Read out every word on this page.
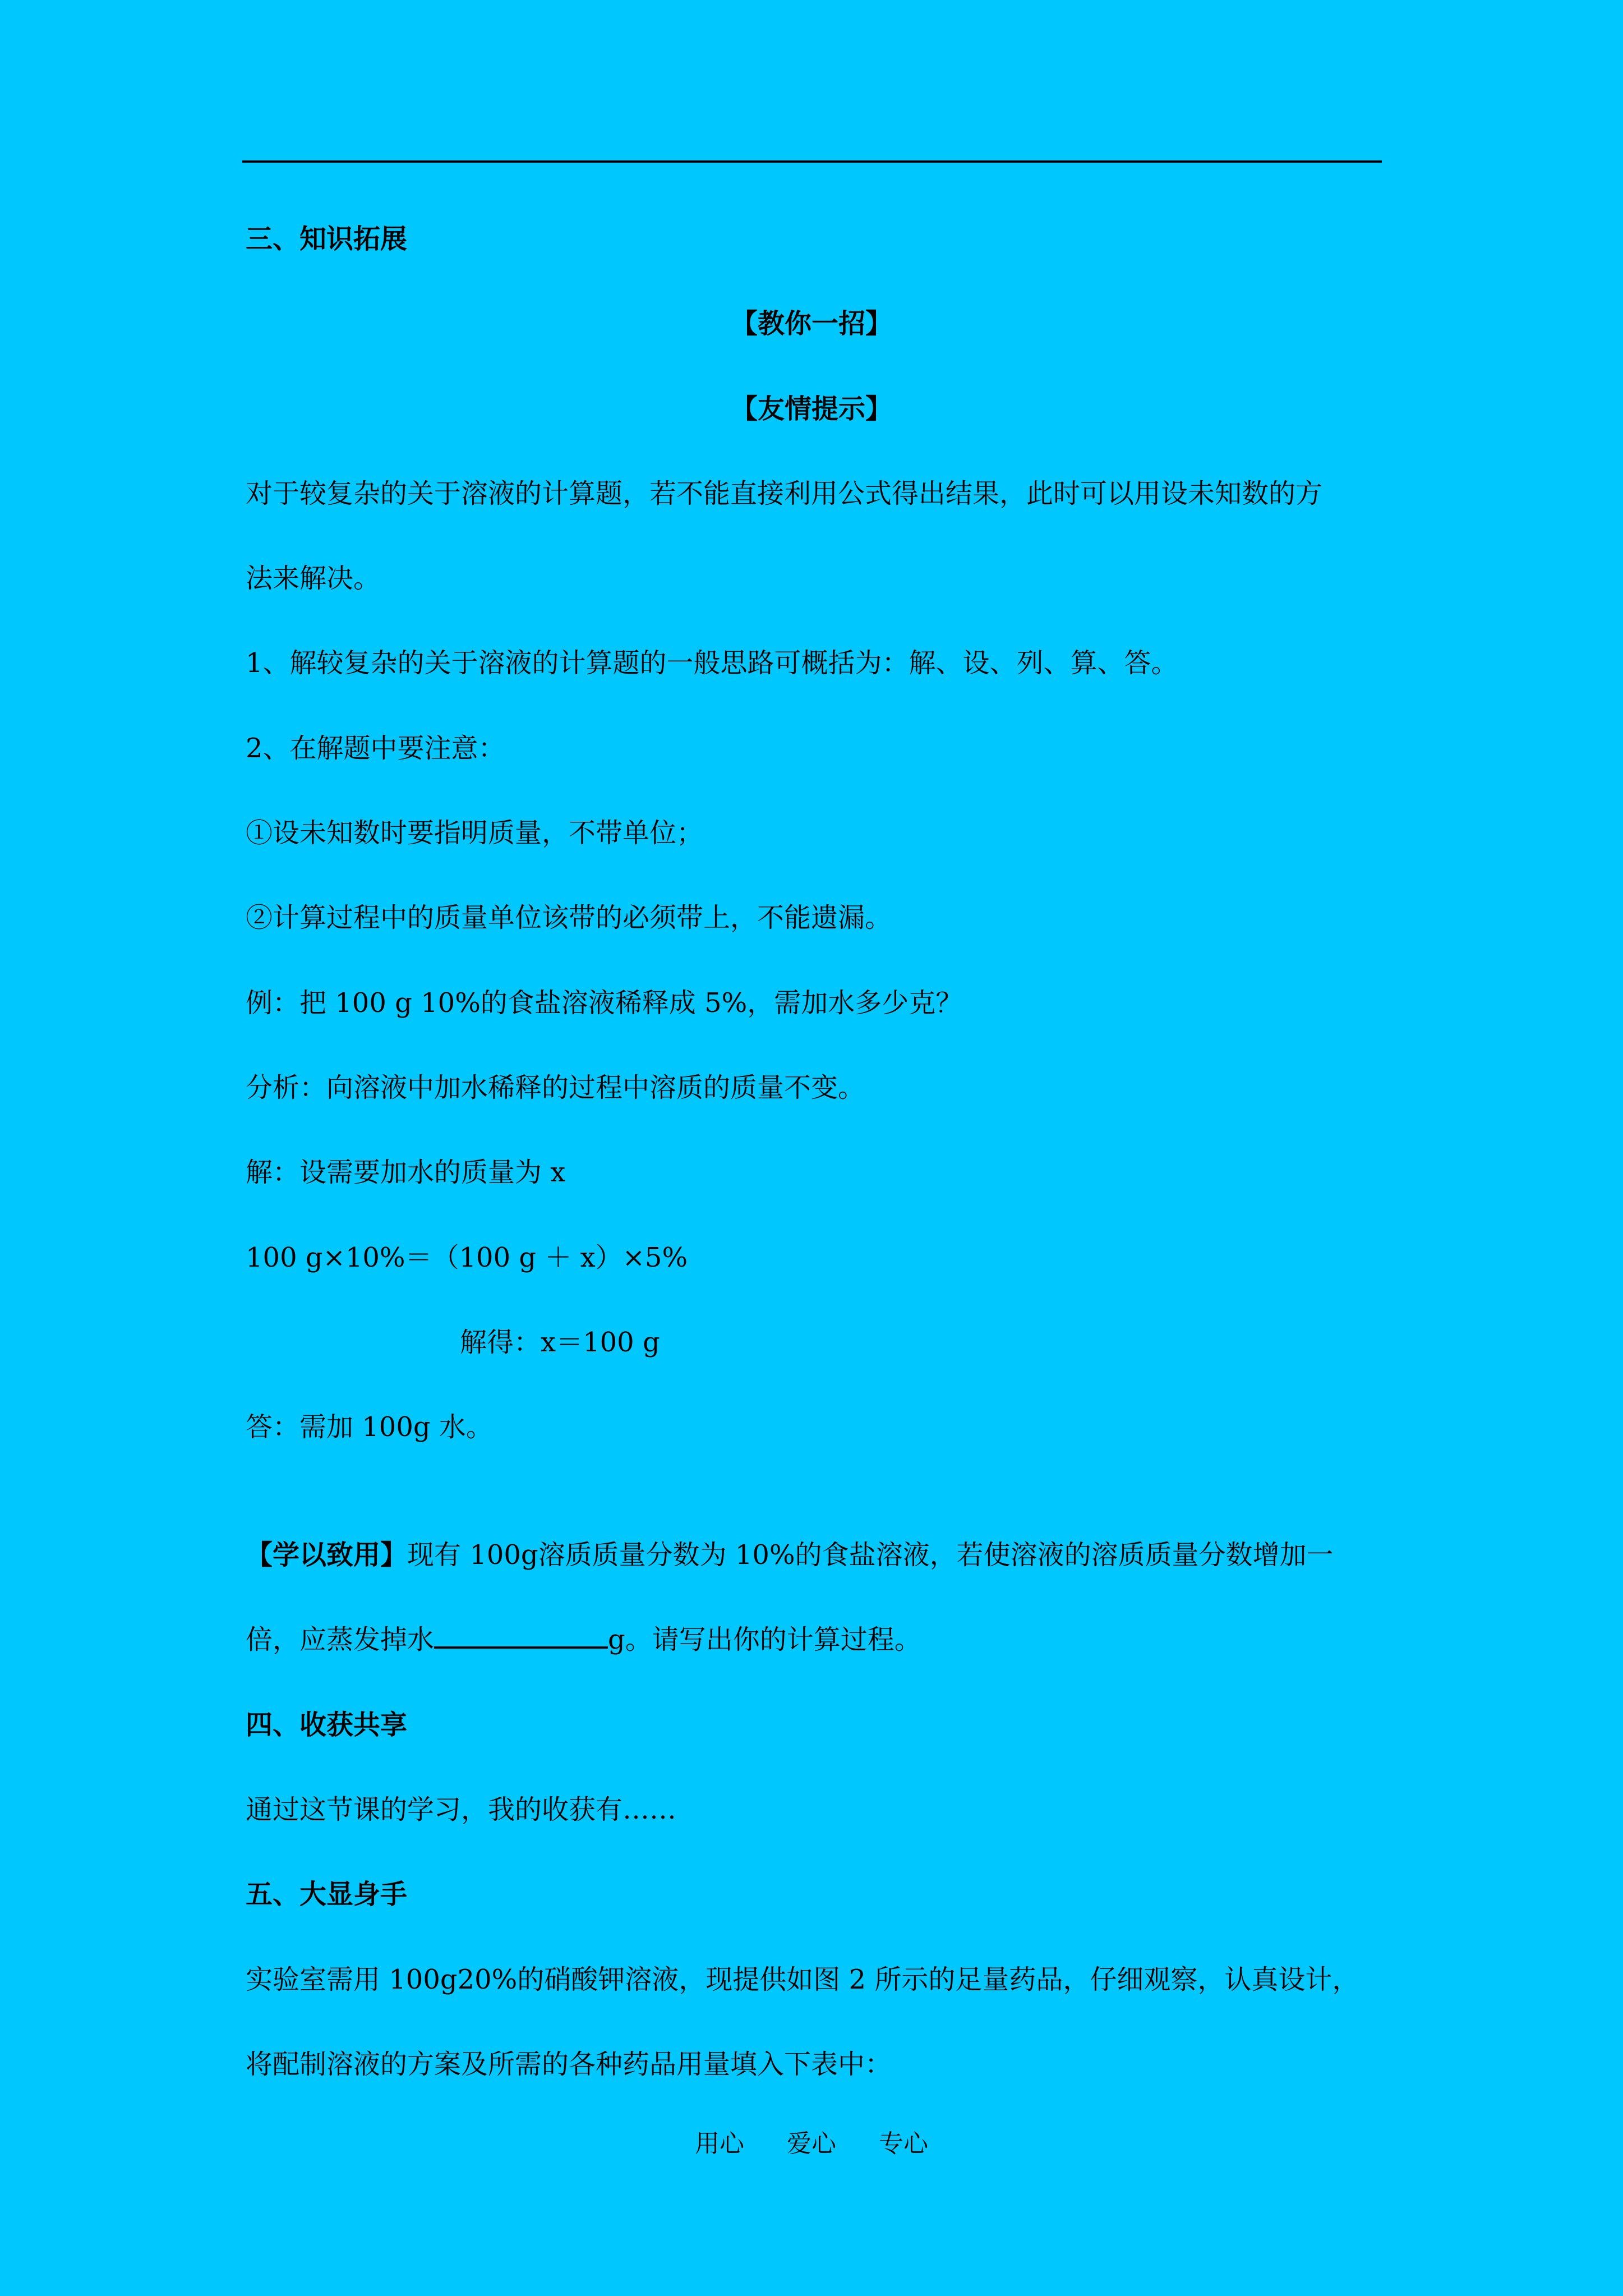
三、知识拓展
【教你一招】
【友情提示】
对于较复杂的关于溶液的计算题，若不能直接利用公式得出结果，此时可以用设未知数的方
法来解决。
1、解较复杂的关于溶液的计算题的一般思路可概括为：解、设、列、算、答。
2、在解题中要注意：
①设未知数时要指明质量，不带单位；
②计算过程中的质量单位该带的必须带上，不能遗漏。
例：把 100 g 10%的食盐溶液稀释成 5%，需加水多少克？
分析：向溶液中加水稀释的过程中溶质的质量不变。
解：设需要加水的质量为 x
100 g×10%＝（100 g ＋ x）×5%
解得：x＝100 g
答：需加 100g 水。
【学以致用】现有 100g溶质质量分数为 10%的食盐溶液，若使溶液的溶质质量分数增加一
倍，应蒸发掉水	g。请写出你的计算过程。
四、收获共享
通过这节课的学习，我的收获有……
五、大显身手
实验室需用 100g20%的硝酸钾溶液，现提供如图 2 所示的足量药品，仔细观察，认真设计，
将配制溶液的方案及所需的各种药品用量填入下表中：
用心 爱心 专心
